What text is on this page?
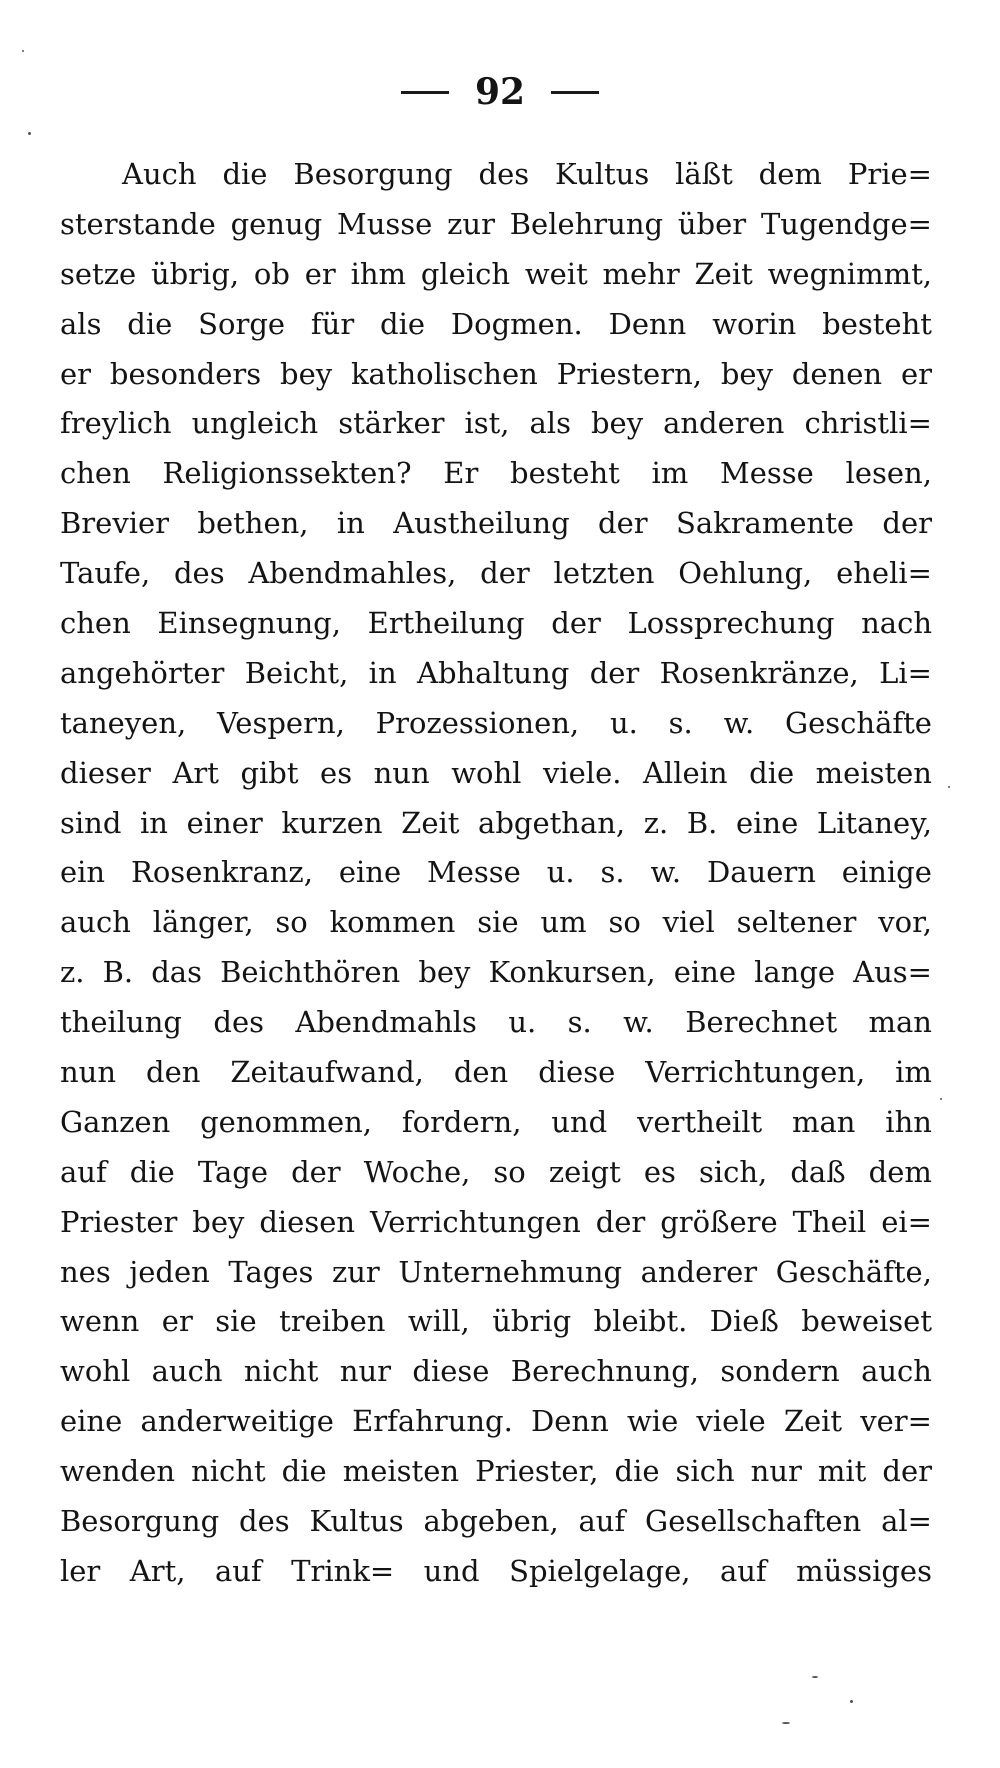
92
Auch die Besorgung des Kultus läßt dem Prie=
sterstande genug Musse zur Belehrung über Tugendge=
setze übrig, ob er ihm gleich weit mehr Zeit wegnimmt,
als die Sorge für die Dogmen. Denn worin besteht
er besonders bey katholischen Priestern, bey denen er
freylich ungleich stärker ist, als bey anderen christli=
chen Religionssekten? Er besteht im Messe lesen,
Brevier bethen, in Austheilung der Sakramente der
Taufe, des Abendmahles, der letzten Oehlung, eheli=
chen Einsegnung, Ertheilung der Lossprechung nach
angehörter Beicht, in Abhaltung der Rosenkränze, Li=
taneyen, Vespern, Prozessionen, u. s. w. Geschäfte
dieser Art gibt es nun wohl viele. Allein die meisten
sind in einer kurzen Zeit abgethan, z. B. eine Litaney,
ein Rosenkranz, eine Messe u. s. w. Dauern einige
auch länger, so kommen sie um so viel seltener vor,
z. B. das Beichthören bey Konkursen, eine lange Aus=
theilung des Abendmahls u. s. w. Berechnet man
nun den Zeitaufwand, den diese Verrichtungen, im
Ganzen genommen, fordern, und vertheilt man ihn
auf die Tage der Woche, so zeigt es sich, daß dem
Priester bey diesen Verrichtungen der größere Theil ei=
nes jeden Tages zur Unternehmung anderer Geschäfte,
wenn er sie treiben will, übrig bleibt. Dieß beweiset
wohl auch nicht nur diese Berechnung, sondern auch
eine anderweitige Erfahrung. Denn wie viele Zeit ver=
wenden nicht die meisten Priester, die sich nur mit der
Besorgung des Kultus abgeben, auf Gesellschaften al=
ler Art, auf Trink= und Spielgelage, auf müssiges
